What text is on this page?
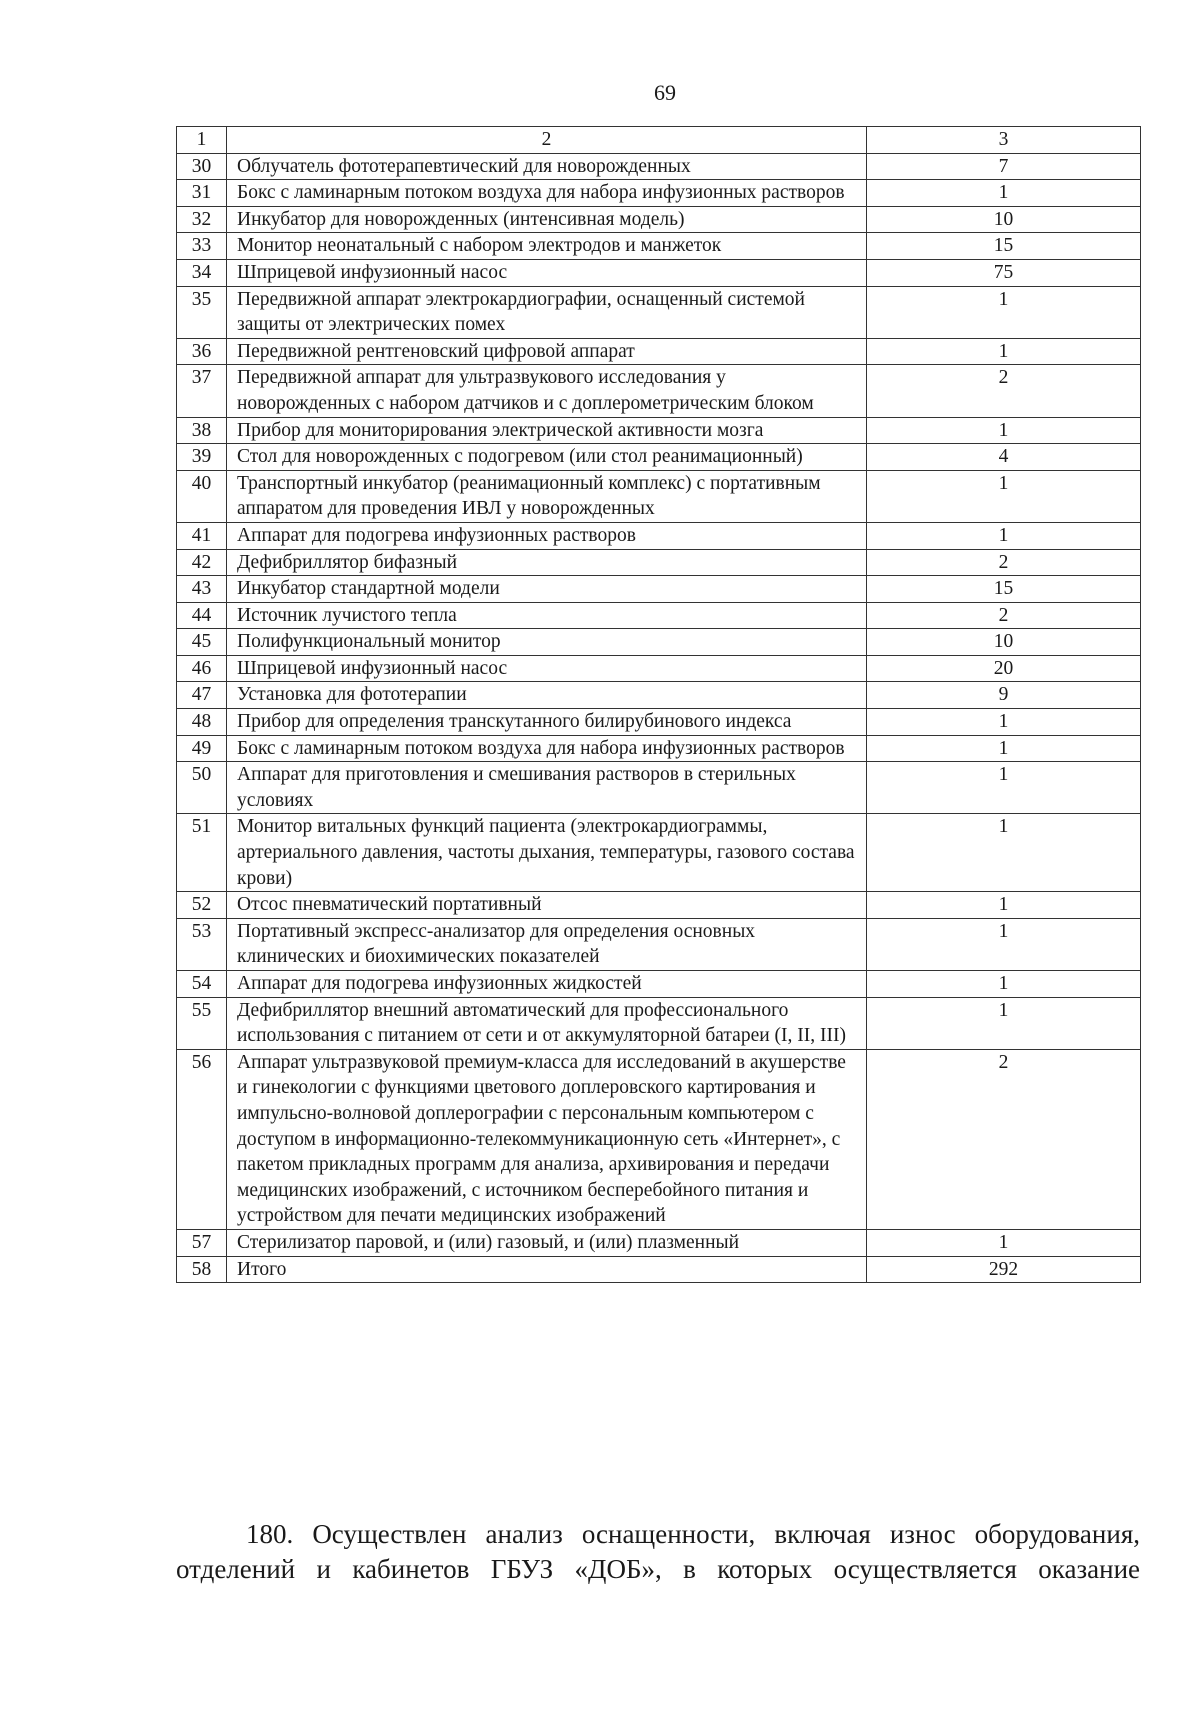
69
1	2	3
30	Облучатель фототерапевтический для новорожденных	7
31	Бокс с ламинарным потоком воздуха для набора инфузионных растворов	1
32	Инкубатор для новорожденных (интенсивная модель)	10
33	Монитор неонатальный с набором электродов и манжеток	15
34	Шприцевой инфузионный насос	75
35	Передвижной аппарат электрокардиографии, оснащенный системой защиты от электрических помех	1
36	Передвижной рентгеновский цифровой аппарат	1
37	Передвижной аппарат для ультразвукового исследования у новорожденных с набором датчиков и с доплерометрическим блоком	2
38	Прибор для мониторирования электрической активности мозга	1
39	Стол для новорожденных с подогревом (или стол реанимационный)	4
40	Транспортный инкубатор (реанимационный комплекс) с портативным аппаратом для проведения ИВЛ у новорожденных	1
41	Аппарат для подогрева инфузионных растворов	1
42	Дефибриллятор бифазный	2
43	Инкубатор стандартной модели	15
44	Источник лучистого тепла	2
45	Полифункциональный монитор	10
46	Шприцевой инфузионный насос	20
47	Установка для фототерапии	9
48	Прибор для определения транскутанного билирубинового индекса	1
49	Бокс с ламинарным потоком воздуха для набора инфузионных растворов	1
50	Аппарат для приготовления и смешивания растворов в стерильных условиях	1
51	Монитор витальных функций пациента (электрокардиограммы, артериального давления, частоты дыхания, температуры, газового состава крови)	1
52	Отсос пневматический портативный	1
53	Портативный экспресс-анализатор для определения основных клинических и биохимических показателей	1
54	Аппарат для подогрева инфузионных жидкостей	1
55	Дефибриллятор внешний автоматический для профессионального использования с питанием от сети и от аккумуляторной батареи (I, II, III)	1
56	Аппарат ультразвуковой премиум-класса для исследований в акушерстве и гинекологии с функциями цветового доплеровского картирования и импульсно-волновой доплерографии с персональным компьютером с доступом в информационно-телекоммуникационную сеть «Интернет», с пакетом прикладных программ для анализа, архивирования и передачи медицинских изображений, с источником бесперебойного питания и устройством для печати медицинских изображений	2
57	Стерилизатор паровой, и (или) газовый, и (или) плазменный	1
58	Итого	292
180. Осуществлен анализ оснащенности, включая износ оборудования,
отделений и кабинетов ГБУЗ «ДОБ», в которых осуществляется оказание
